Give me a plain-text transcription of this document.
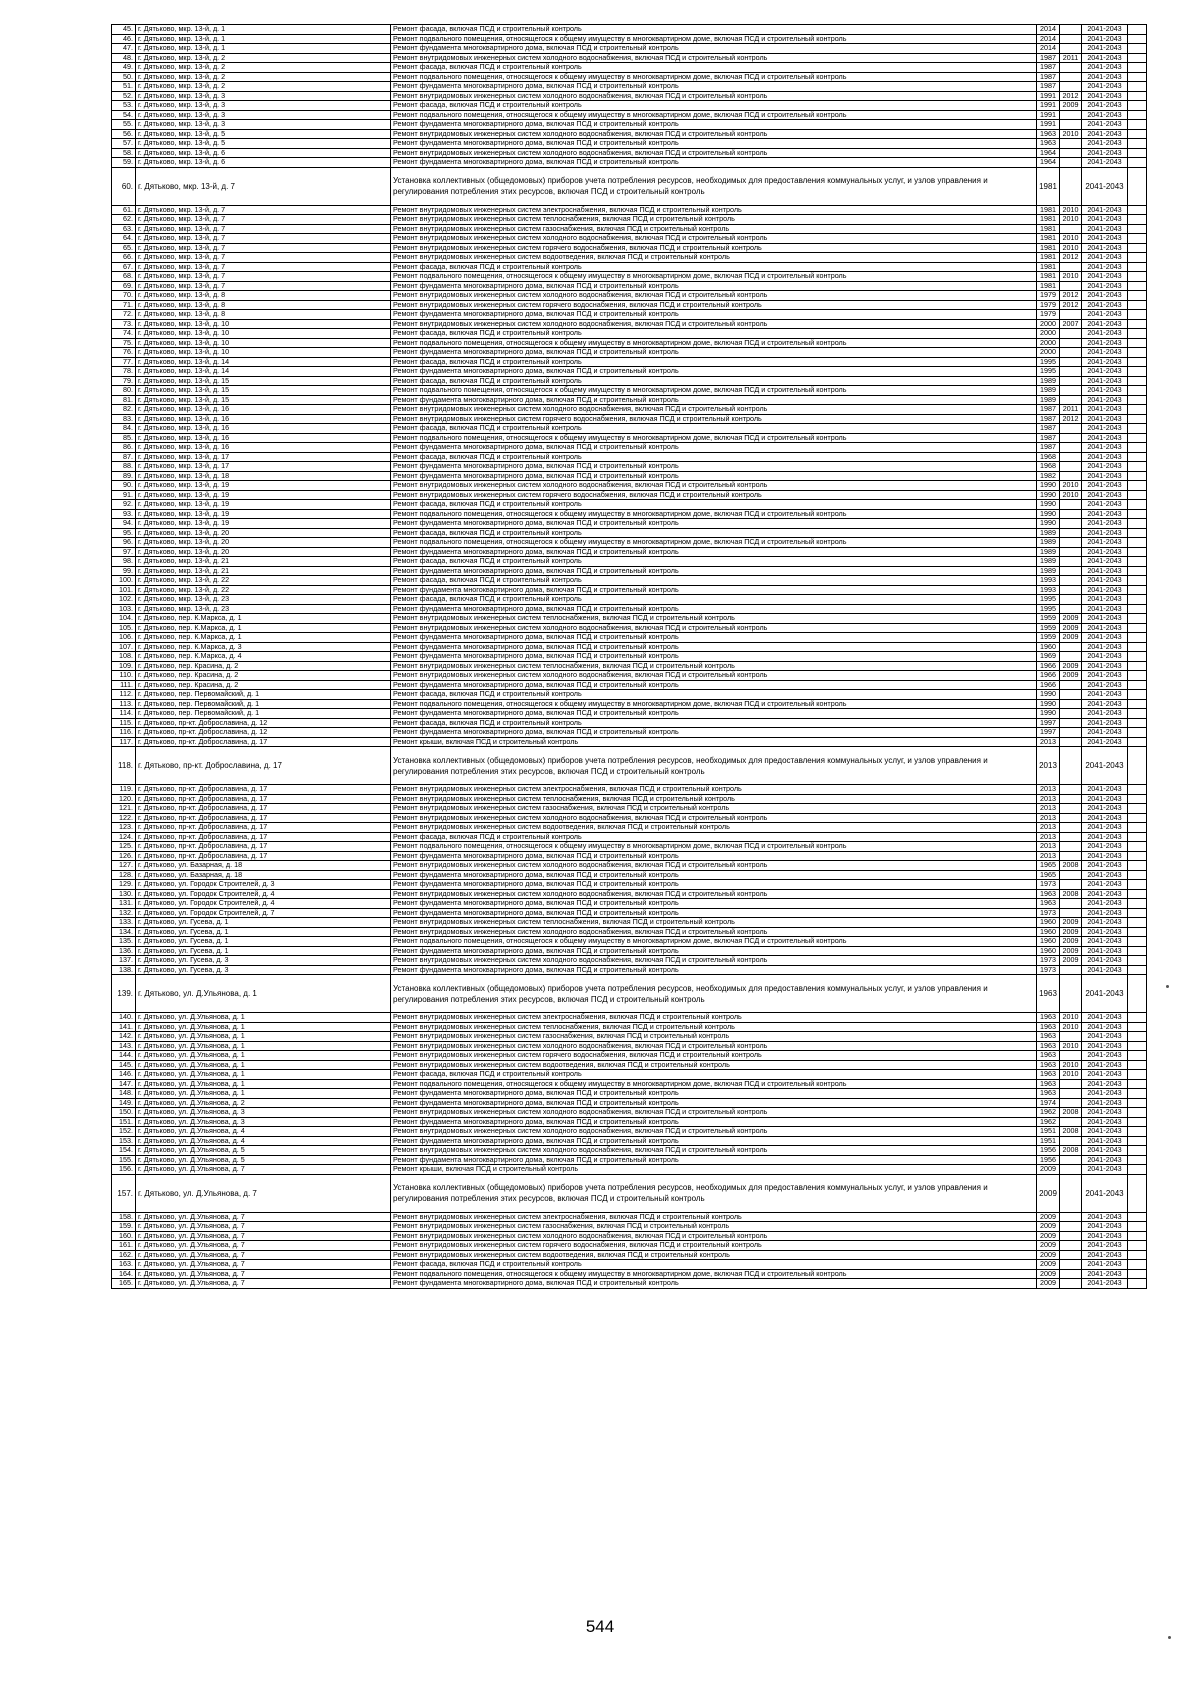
45.	г. Дятьково, мкр. 13-й, д. 1	Ремонт фасада, включая ПСД и строительный контроль	2014		2041-2043	
46.	г. Дятьково, мкр. 13-й, д. 1	Ремонт подвального помещения, относящегося к общему имуществу в многоквартирном доме, включая ПСД и строительный контроль	2014		2041-2043	
47.	г. Дятьково, мкр. 13-й, д. 1	Ремонт фундамента многоквартирного дома, включая ПСД и строительный контроль	2014		2041-2043	
48.	г. Дятьково, мкр. 13-й, д. 2	Ремонт внутридомовых инженерных систем холодного водоснабжения, включая ПСД и строительный контроль	1987	2011	2041-2043	
49.	г. Дятьково, мкр. 13-й, д. 2	Ремонт фасада, включая ПСД и строительный контроль	1987		2041-2043	
50.	г. Дятьково, мкр. 13-й, д. 2	Ремонт подвального помещения, относящегося к общему имуществу в многоквартирном доме, включая ПСД и строительный контроль	1987		2041-2043	
51.	г. Дятьково, мкр. 13-й, д. 2	Ремонт фундамента многоквартирного дома, включая ПСД и строительный контроль	1987		2041-2043	
52.	г. Дятьково, мкр. 13-й, д. 3	Ремонт внутридомовых инженерных систем холодного водоснабжения, включая ПСД и строительный контроль	1991	2012	2041-2043	
53.	г. Дятьково, мкр. 13-й, д. 3	Ремонт фасада, включая ПСД и строительный контроль	1991	2009	2041-2043	
54.	г. Дятьково, мкр. 13-й, д. 3	Ремонт подвального помещения, относящегося к общему имуществу в многоквартирном доме, включая ПСД и строительный контроль	1991		2041-2043	
55.	г. Дятьково, мкр. 13-й, д. 3	Ремонт фундамента многоквартирного дома, включая ПСД и строительный контроль	1991		2041-2043	
56.	г. Дятьково, мкр. 13-й, д. 5	Ремонт внутридомовых инженерных систем холодного водоснабжения, включая ПСД и строительный контроль	1963	2010	2041-2043	
57.	г. Дятьково, мкр. 13-й, д. 5	Ремонт фундамента многоквартирного дома, включая ПСД и строительный контроль	1963		2041-2043	
58.	г. Дятьково, мкр. 13-й, д. 6	Ремонт внутридомовых инженерных систем холодного водоснабжения, включая ПСД и строительный контроль	1964		2041-2043	
59.	г. Дятьково, мкр. 13-й, д. 6	Ремонт фундамента многоквартирного дома, включая ПСД и строительный контроль	1964		2041-2043	
60.	г. Дятьково, мкр. 13-й, д. 7	Установка коллективных (общедомовых) приборов учета потребления ресурсов, необходимых для предоставления коммунальных услуг, и узлов управления и регулирования потребления этих ресурсов, включая ПСД и строительный контроль	1981		2041-2043	
61.	г. Дятьково, мкр. 13-й, д. 7	Ремонт внутридомовых инженерных систем электроснабжения, включая ПСД и строительный контроль	1981	2010	2041-2043	
62.	г. Дятьково, мкр. 13-й, д. 7	Ремонт внутридомовых инженерных систем теплоснабжения, включая ПСД и строительный контроль	1981	2010	2041-2043	
63.	г. Дятьково, мкр. 13-й, д. 7	Ремонт внутридомовых инженерных систем газоснабжения, включая ПСД и строительный контроль	1981		2041-2043	
64.	г. Дятьково, мкр. 13-й, д. 7	Ремонт внутридомовых инженерных систем холодного водоснабжения, включая ПСД и строительный контроль	1981	2010	2041-2043	
65.	г. Дятьково, мкр. 13-й, д. 7	Ремонт внутридомовых инженерных систем горячего водоснабжения, включая ПСД и строительный контроль	1981	2010	2041-2043	
66.	г. Дятьково, мкр. 13-й, д. 7	Ремонт внутридомовых инженерных систем водоотведения, включая ПСД и строительный контроль	1981	2012	2041-2043	
67.	г. Дятьково, мкр. 13-й, д. 7	Ремонт фасада, включая ПСД и строительный контроль	1981		2041-2043	
68.	г. Дятьково, мкр. 13-й, д. 7	Ремонт подвального помещения, относящегося к общему имуществу в многоквартирном доме, включая ПСД и строительный контроль	1981	2010	2041-2043	
69.	г. Дятьково, мкр. 13-й, д. 7	Ремонт фундамента многоквартирного дома, включая ПСД и строительный контроль	1981		2041-2043	
70.	г. Дятьково, мкр. 13-й, д. 8	Ремонт внутридомовых инженерных систем холодного водоснабжения, включая ПСД и строительный контроль	1979	2012	2041-2043	
71.	г. Дятьково, мкр. 13-й, д. 8	Ремонт внутридомовых инженерных систем горячего водоснабжения, включая ПСД и строительный контроль	1979	2012	2041-2043	
72.	г. Дятьково, мкр. 13-й, д. 8	Ремонт фундамента многоквартирного дома, включая ПСД и строительный контроль	1979		2041-2043	
73.	г. Дятьково, мкр. 13-й, д. 10	Ремонт внутридомовых инженерных систем холодного водоснабжения, включая ПСД и строительный контроль	2000	2007	2041-2043	
74.	г. Дятьково, мкр. 13-й, д. 10	Ремонт фасада, включая ПСД и строительный контроль	2000		2041-2043	
75.	г. Дятьково, мкр. 13-й, д. 10	Ремонт подвального помещения, относящегося к общему имуществу в многоквартирном доме, включая ПСД и строительный контроль	2000		2041-2043	
76.	г. Дятьково, мкр. 13-й, д. 10	Ремонт фундамента многоквартирного дома, включая ПСД и строительный контроль	2000		2041-2043	
77.	г. Дятьково, мкр. 13-й, д. 14	Ремонт фасада, включая ПСД и строительный контроль	1995		2041-2043	
78.	г. Дятьково, мкр. 13-й, д. 14	Ремонт фундамента многоквартирного дома, включая ПСД и строительный контроль	1995		2041-2043	
79.	г. Дятьково, мкр. 13-й, д. 15	Ремонт фасада, включая ПСД и строительный контроль	1989		2041-2043	
80.	г. Дятьково, мкр. 13-й, д. 15	Ремонт подвального помещения, относящегося к общему имуществу в многоквартирном доме, включая ПСД и строительный контроль	1989		2041-2043	
81.	г. Дятьково, мкр. 13-й, д. 15	Ремонт фундамента многоквартирного дома, включая ПСД и строительный контроль	1989		2041-2043	
82.	г. Дятьково, мкр. 13-й, д. 16	Ремонт внутридомовых инженерных систем холодного водоснабжения, включая ПСД и строительный контроль	1987	2011	2041-2043	
83.	г. Дятьково, мкр. 13-й, д. 16	Ремонт внутридомовых инженерных систем горячего водоснабжения, включая ПСД и строительный контроль	1987	2012	2041-2043	
84.	г. Дятьково, мкр. 13-й, д. 16	Ремонт фасада, включая ПСД и строительный контроль	1987		2041-2043	
85.	г. Дятьково, мкр. 13-й, д. 16	Ремонт подвального помещения, относящегося к общему имуществу в многоквартирном доме, включая ПСД и строительный контроль	1987		2041-2043	
86.	г. Дятьково, мкр. 13-й, д. 16	Ремонт фундамента многоквартирного дома, включая ПСД и строительный контроль	1987		2041-2043	
87.	г. Дятьково, мкр. 13-й, д. 17	Ремонт фасада, включая ПСД и строительный контроль	1968		2041-2043	
88.	г. Дятьково, мкр. 13-й, д. 17	Ремонт фундамента многоквартирного дома, включая ПСД и строительный контроль	1968		2041-2043	
89.	г. Дятьково, мкр. 13-й, д. 18	Ремонт фундамента многоквартирного дома, включая ПСД и строительный контроль	1982		2041-2043	
90.	г. Дятьково, мкр. 13-й, д. 19	Ремонт внутридомовых инженерных систем холодного водоснабжения, включая ПСД и строительный контроль	1990	2010	2041-2043	
91.	г. Дятьково, мкр. 13-й, д. 19	Ремонт внутридомовых инженерных систем горячего водоснабжения, включая ПСД и строительный контроль	1990	2010	2041-2043	
92.	г. Дятьково, мкр. 13-й, д. 19	Ремонт фасада, включая ПСД и строительный контроль	1990		2041-2043	
93.	г. Дятьково, мкр. 13-й, д. 19	Ремонт подвального помещения, относящегося к общему имуществу в многоквартирном доме, включая ПСД и строительный контроль	1990		2041-2043	
94.	г. Дятьково, мкр. 13-й, д. 19	Ремонт фундамента многоквартирного дома, включая ПСД и строительный контроль	1990		2041-2043	
95.	г. Дятьково, мкр. 13-й, д. 20	Ремонт фасада, включая ПСД и строительный контроль	1989		2041-2043	
96.	г. Дятьково, мкр. 13-й, д. 20	Ремонт подвального помещения, относящегося к общему имуществу в многоквартирном доме, включая ПСД и строительный контроль	1989		2041-2043	
97.	г. Дятьково, мкр. 13-й, д. 20	Ремонт фундамента многоквартирного дома, включая ПСД и строительный контроль	1989		2041-2043	
98.	г. Дятьково, мкр. 13-й, д. 21	Ремонт фасада, включая ПСД и строительный контроль	1989		2041-2043	
99.	г. Дятьково, мкр. 13-й, д. 21	Ремонт фундамента многоквартирного дома, включая ПСД и строительный контроль	1989		2041-2043	
100.	г. Дятьково, мкр. 13-й, д. 22	Ремонт фасада, включая ПСД и строительный контроль	1993		2041-2043	
101.	г. Дятьково, мкр. 13-й, д. 22	Ремонт фундамента многоквартирного дома, включая ПСД и строительный контроль	1993		2041-2043	
102.	г. Дятьково, мкр. 13-й, д. 23	Ремонт фасада, включая ПСД и строительный контроль	1995		2041-2043	
103.	г. Дятьково, мкр. 13-й, д. 23	Ремонт фундамента многоквартирного дома, включая ПСД и строительный контроль	1995		2041-2043	
104.	г. Дятьково, пер. К.Маркса, д. 1	Ремонт внутридомовых инженерных систем теплоснабжения, включая ПСД и строительный контроль	1959	2009	2041-2043	
105.	г. Дятьково, пер. К.Маркса, д. 1	Ремонт внутридомовых инженерных систем холодного водоснабжения, включая ПСД и строительный контроль	1959	2009	2041-2043	
106.	г. Дятьково, пер. К.Маркса, д. 1	Ремонт фундамента многоквартирного дома, включая ПСД и строительный контроль	1959	2009	2041-2043	
107.	г. Дятьково, пер. К.Маркса, д. 3	Ремонт фундамента многоквартирного дома, включая ПСД и строительный контроль	1960		2041-2043	
108.	г. Дятьково, пер. К.Маркса, д. 4	Ремонт фундамента многоквартирного дома, включая ПСД и строительный контроль	1969		2041-2043	
109.	г. Дятьково, пер. Красина, д. 2	Ремонт внутридомовых инженерных систем теплоснабжения, включая ПСД и строительный контроль	1966	2009	2041-2043	
110.	г. Дятьково, пер. Красина, д. 2	Ремонт внутридомовых инженерных систем холодного водоснабжения, включая ПСД и строительный контроль	1966	2009	2041-2043	
111.	г. Дятьково, пер. Красина, д. 2	Ремонт фундамента многоквартирного дома, включая ПСД и строительный контроль	1966		2041-2043	
112.	г. Дятьково, пер. Первомайский, д. 1	Ремонт фасада, включая ПСД и строительный контроль	1990		2041-2043	
113.	г. Дятьково, пер. Первомайский, д. 1	Ремонт подвального помещения, относящегося к общему имуществу в многоквартирном доме, включая ПСД и строительный контроль	1990		2041-2043	
114.	г. Дятьково, пер. Первомайский, д. 1	Ремонт фундамента многоквартирного дома, включая ПСД и строительный контроль	1990		2041-2043	
115.	г. Дятьково, пр-кт. Доброславина, д. 12	Ремонт фасада, включая ПСД и строительный контроль	1997		2041-2043	
116.	г. Дятьково, пр-кт. Доброславина, д. 12	Ремонт фундамента многоквартирного дома, включая ПСД и строительный контроль	1997		2041-2043	
117.	г. Дятьково, пр-кт. Доброславина, д. 17	Ремонт крыши, включая ПСД и строительный контроль	2013		2041-2043	
118.	г. Дятьково, пр-кт. Доброславина, д. 17	Установка коллективных (общедомовых) приборов учета потребления ресурсов, необходимых для предоставления коммунальных услуг, и узлов управления и регулирования потребления этих ресурсов, включая ПСД и строительный контроль	2013		2041-2043	
119.	г. Дятьково, пр-кт. Доброславина, д. 17	Ремонт внутридомовых инженерных систем электроснабжения, включая ПСД и строительный контроль	2013		2041-2043	
120.	г. Дятьково, пр-кт. Доброславина, д. 17	Ремонт внутридомовых инженерных систем теплоснабжения, включая ПСД и строительный контроль	2013		2041-2043	
121.	г. Дятьково, пр-кт. Доброславина, д. 17	Ремонт внутридомовых инженерных систем газоснабжения, включая ПСД и строительный контроль	2013		2041-2043	
122.	г. Дятьково, пр-кт. Доброславина, д. 17	Ремонт внутридомовых инженерных систем холодного водоснабжения, включая ПСД и строительный контроль	2013		2041-2043	
123.	г. Дятьково, пр-кт. Доброславина, д. 17	Ремонт внутридомовых инженерных систем водоотведения, включая ПСД и строительный контроль	2013		2041-2043	
124.	г. Дятьково, пр-кт. Доброславина, д. 17	Ремонт фасада, включая ПСД и строительный контроль	2013		2041-2043	
125.	г. Дятьково, пр-кт. Доброславина, д. 17	Ремонт подвального помещения, относящегося к общему имуществу в многоквартирном доме, включая ПСД и строительный контроль	2013		2041-2043	
126.	г. Дятьково, пр-кт. Доброславина, д. 17	Ремонт фундамента многоквартирного дома, включая ПСД и строительный контроль	2013		2041-2043	
127.	г. Дятьково, ул. Базарная, д. 18	Ремонт внутридомовых инженерных систем холодного водоснабжения, включая ПСД и строительный контроль	1965	2008	2041-2043	
128.	г. Дятьково, ул. Базарная, д. 18	Ремонт фундамента многоквартирного дома, включая ПСД и строительный контроль	1965		2041-2043	
129.	г. Дятьково, ул. Городок Строителей, д. 3	Ремонт фундамента многоквартирного дома, включая ПСД и строительный контроль	1973		2041-2043	
130.	г. Дятьково, ул. Городок Строителей, д. 4	Ремонт внутридомовых инженерных систем холодного водоснабжения, включая ПСД и строительный контроль	1963	2008	2041-2043	
131.	г. Дятьково, ул. Городок Строителей, д. 4	Ремонт фундамента многоквартирного дома, включая ПСД и строительный контроль	1963		2041-2043	
132.	г. Дятьково, ул. Городок Строителей, д. 7	Ремонт фундамента многоквартирного дома, включая ПСД и строительный контроль	1973		2041-2043	
133.	г. Дятьково, ул. Гусева, д. 1	Ремонт внутридомовых инженерных систем теплоснабжения, включая ПСД и строительный контроль	1960	2009	2041-2043	
134.	г. Дятьково, ул. Гусева, д. 1	Ремонт внутридомовых инженерных систем холодного водоснабжения, включая ПСД и строительный контроль	1960	2009	2041-2043	
135.	г. Дятьково, ул. Гусева, д. 1	Ремонт подвального помещения, относящегося к общему имуществу в многоквартирном доме, включая ПСД и строительный контроль	1960	2009	2041-2043	
136.	г. Дятьково, ул. Гусева, д. 1	Ремонт фундамента многоквартирного дома, включая ПСД и строительный контроль	1960	2009	2041-2043	
137.	г. Дятьково, ул. Гусева, д. 3	Ремонт внутридомовых инженерных систем холодного водоснабжения, включая ПСД и строительный контроль	1973	2009	2041-2043	
138.	г. Дятьково, ул. Гусева, д. 3	Ремонт фундамента многоквартирного дома, включая ПСД и строительный контроль	1973		2041-2043	
139.	г. Дятьково, ул. Д.Ульянова, д. 1	Установка коллективных (общедомовых) приборов учета потребления ресурсов, необходимых для предоставления коммунальных услуг, и узлов управления и регулирования потребления этих ресурсов, включая ПСД и строительный контроль	1963		2041-2043	
140.	г. Дятьково, ул. Д.Ульянова, д. 1	Ремонт внутридомовых инженерных систем электроснабжения, включая ПСД и строительный контроль	1963	2010	2041-2043	
141.	г. Дятьково, ул. Д.Ульянова, д. 1	Ремонт внутридомовых инженерных систем теплоснабжения, включая ПСД и строительный контроль	1963	2010	2041-2043	
142.	г. Дятьково, ул. Д.Ульянова, д. 1	Ремонт внутридомовых инженерных систем газоснабжения, включая ПСД и строительный контроль	1963		2041-2043	
143.	г. Дятьково, ул. Д.Ульянова, д. 1	Ремонт внутридомовых инженерных систем холодного водоснабжения, включая ПСД и строительный контроль	1963	2010	2041-2043	
144.	г. Дятьково, ул. Д.Ульянова, д. 1	Ремонт внутридомовых инженерных систем горячего водоснабжения, включая ПСД и строительный контроль	1963		2041-2043	
145.	г. Дятьково, ул. Д.Ульянова, д. 1	Ремонт внутридомовых инженерных систем водоотведения, включая ПСД и строительный контроль	1963	2010	2041-2043	
146.	г. Дятьково, ул. Д.Ульянова, д. 1	Ремонт фасада, включая ПСД и строительный контроль	1963	2010	2041-2043	
147.	г. Дятьково, ул. Д.Ульянова, д. 1	Ремонт подвального помещения, относящегося к общему имуществу в многоквартирном доме, включая ПСД и строительный контроль	1963		2041-2043	
148.	г. Дятьково, ул. Д.Ульянова, д. 1	Ремонт фундамента многоквартирного дома, включая ПСД и строительный контроль	1963		2041-2043	
149.	г. Дятьково, ул. Д.Ульянова, д. 2	Ремонт фундамента многоквартирного дома, включая ПСД и строительный контроль	1974		2041-2043	
150.	г. Дятьково, ул. Д.Ульянова, д. 3	Ремонт внутридомовых инженерных систем холодного водоснабжения, включая ПСД и строительный контроль	1962	2008	2041-2043	
151.	г. Дятьково, ул. Д.Ульянова, д. 3	Ремонт фундамента многоквартирного дома, включая ПСД и строительный контроль	1962		2041-2043	
152.	г. Дятьково, ул. Д.Ульянова, д. 4	Ремонт внутридомовых инженерных систем холодного водоснабжения, включая ПСД и строительный контроль	1951	2008	2041-2043	
153.	г. Дятьково, ул. Д.Ульянова, д. 4	Ремонт фундамента многоквартирного дома, включая ПСД и строительный контроль	1951		2041-2043	
154.	г. Дятьково, ул. Д.Ульянова, д. 5	Ремонт внутридомовых инженерных систем холодного водоснабжения, включая ПСД и строительный контроль	1956	2008	2041-2043	
155.	г. Дятьково, ул. Д.Ульянова, д. 5	Ремонт фундамента многоквартирного дома, включая ПСД и строительный контроль	1956		2041-2043	
156.	г. Дятьково, ул. Д.Ульянова, д. 7	Ремонт крыши, включая ПСД и строительный контроль	2009		2041-2043	
157.	г. Дятьково, ул. Д.Ульянова, д. 7	Установка коллективных (общедомовых) приборов учета потребления ресурсов, необходимых для предоставления коммунальных услуг, и узлов управления и регулирования потребления этих ресурсов, включая ПСД и строительный контроль	2009		2041-2043	
158.	г. Дятьково, ул. Д.Ульянова, д. 7	Ремонт внутридомовых инженерных систем электроснабжения, включая ПСД и строительный контроль	2009		2041-2043	
159.	г. Дятьково, ул. Д.Ульянова, д. 7	Ремонт внутридомовых инженерных систем газоснабжения, включая ПСД и строительный контроль	2009		2041-2043	
160.	г. Дятьково, ул. Д.Ульянова, д. 7	Ремонт внутридомовых инженерных систем холодного водоснабжения, включая ПСД и строительный контроль	2009		2041-2043	
161.	г. Дятьково, ул. Д.Ульянова, д. 7	Ремонт внутридомовых инженерных систем горячего водоснабжения, включая ПСД и строительный контроль	2009		2041-2043	
162.	г. Дятьково, ул. Д.Ульянова, д. 7	Ремонт внутридомовых инженерных систем водоотведения, включая ПСД и строительный контроль	2009		2041-2043	
163.	г. Дятьково, ул. Д.Ульянова, д. 7	Ремонт фасада, включая ПСД и строительный контроль	2009		2041-2043	
164.	г. Дятьково, ул. Д.Ульянова, д. 7	Ремонт подвального помещения, относящегося к общему имуществу в многоквартирном доме, включая ПСД и строительный контроль	2009		2041-2043	
165.	г. Дятьково, ул. Д.Ульянова, д. 7	Ремонт фундамента многоквартирного дома, включая ПСД и строительный контроль	2009		2041-2043	
544
